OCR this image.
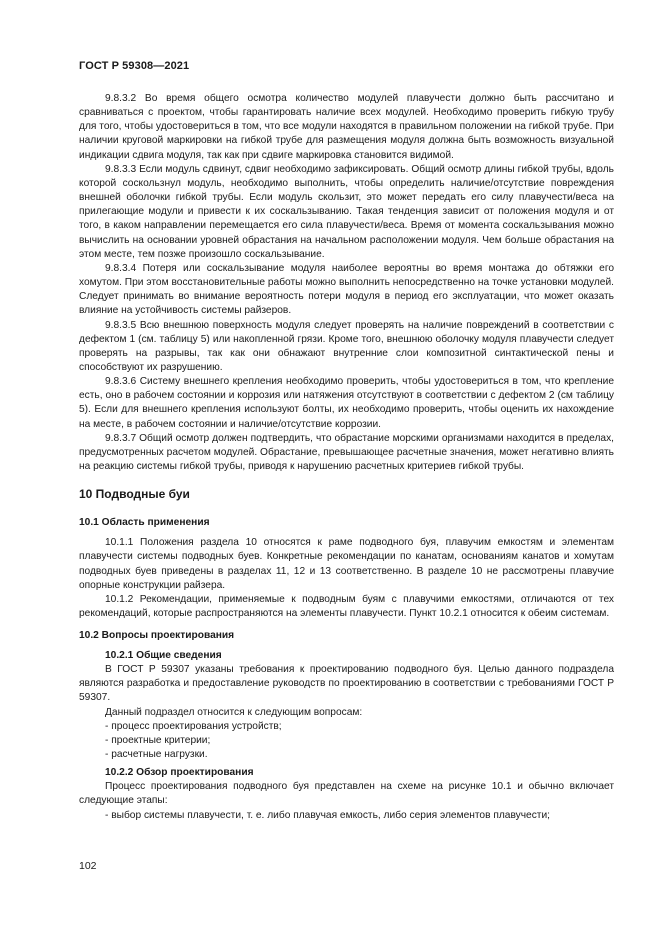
ГОСТ Р 59308—2021

9.8.3.2 Во время общего осмотра количество модулей плавучести должно быть рассчитано и сравниваться с проектом, чтобы гарантировать наличие всех модулей. Необходимо проверить гибкую трубу для того, чтобы удостовериться в том, что все модули находятся в правильном положении на гибкой трубе. При наличии круговой маркировки на гибкой трубе для размещения модуля должна быть возможность визуальной индикации сдвига модуля, так как при сдвиге маркировка становится видимой.

9.8.3.3 Если модуль сдвинут, сдвиг необходимо зафиксировать. Общий осмотр длины гибкой трубы, вдоль которой соскользнул модуль, необходимо выполнить, чтобы определить наличие/отсутствие повреждения внешней оболочки гибкой трубы. Если модуль скользит, это может передать его силу плавучести/веса на прилегающие модули и привести к их соскальзыванию. Такая тенденция зависит от положения модуля и от того, в каком направлении перемещается его сила плавучести/веса. Время от момента соскальзывания можно вычислить на основании уровней обрастания на начальном расположении модуля. Чем больше обрастания на этом месте, тем позже произошло соскальзывание.

9.8.3.4 Потеря или соскальзывание модуля наиболее вероятны во время монтажа до обтяжки его хомутом. При этом восстановительные работы можно выполнить непосредственно на точке установки модулей. Следует принимать во внимание вероятность потери модуля в период его эксплуатации, что может оказать влияние на устойчивость системы райзеров.

9.8.3.5 Всю внешнюю поверхность модуля следует проверять на наличие повреждений в соответствии с дефектом 1 (см. таблицу 5) или накопленной грязи. Кроме того, внешнюю оболочку модуля плавучести следует проверять на разрывы, так как они обнажают внутренние слои композитной синтактической пены и способствуют их разрушению.

9.8.3.6 Систему внешнего крепления необходимо проверить, чтобы удостовериться в том, что крепление есть, оно в рабочем состоянии и коррозия или натяжения отсутствуют в соответствии с дефектом 2 (см таблицу 5). Если для внешнего крепления используют болты, их необходимо проверить, чтобы оценить их нахождение на месте, в рабочем состоянии и наличие/отсутствие коррозии.

9.8.3.7 Общий осмотр должен подтвердить, что обрастание морскими организмами находится в пределах, предусмотренных расчетом модулей. Обрастание, превышающее расчетные значения, может негативно влиять на реакцию системы гибкой трубы, приводя к нарушению расчетных критериев гибкой трубы.

10 Подводные буи
10.1 Область применения

10.1.1 Положения раздела 10 относятся к раме подводного буя, плавучим емкостям и элементам плавучести системы подводных буев. Конкретные рекомендации по канатам, основаниям канатов и хомутам подводных буев приведены в разделах 11, 12 и 13 соответственно. В разделе 10 не рассмотрены плавучие опорные конструкции райзера.

10.1.2 Рекомендации, применяемые к подводным буям с плавучими емкостями, отличаются от тех рекомендаций, которые распространяются на элементы плавучести. Пункт 10.2.1 относится к обеим системам.

10.2 Вопросы проектирования
10.2.1 Общие сведения

В ГОСТ Р 59307 указаны требования к проектированию подводного буя. Целью данного подраздела являются разработка и предоставление руководств по проектированию в соответствии с требованиями ГОСТ Р 59307.

Данный подраздел относится к следующим вопросам:

- процесс проектирования устройств;

- проектные критерии;

- расчетные нагрузки.

10.2.2 Обзор проектирования

Процесс проектирования подводного буя представлен на схеме на рисунке 10.1 и обычно включает следующие этапы:

- выбор системы плавучести, т. е. либо плавучая емкость, либо серия элементов плавучести;

102
